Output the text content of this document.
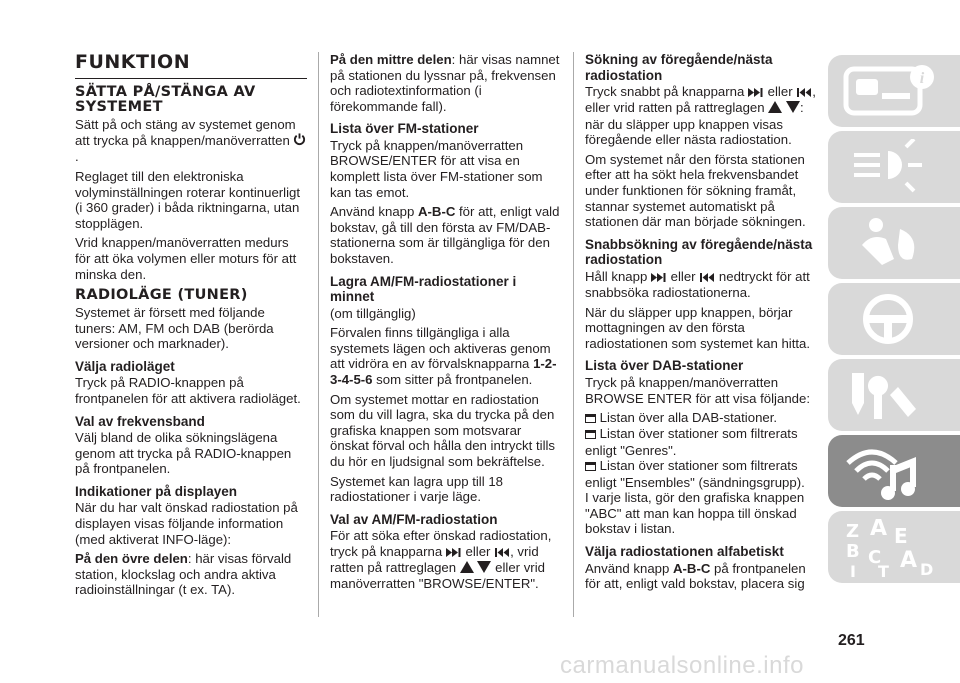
FUNKTION
SÄTTA PÅ/STÄNGA AV SYSTEMET

Sätt på och stäng av systemet genom att trycka på knappen/manöverratten .

Reglaget till den elektroniska volyminställningen roterar kontinuerligt (i 360 grader) i båda riktningarna, utan stopplägen.

Vrid knappen/manöverratten medurs för att öka volymen eller moturs för att minska den.

RADIOLÄGE (TUNER)

Systemet är försett med följande tuners: AM, FM och DAB (berörda versioner och marknader).

Välja radioläget

Tryck på RADIO-knappen på frontpanelen för att aktivera radioläget.

Val av frekvensband

Välj bland de olika sökningslägena genom att trycka på RADIO-knappen på frontpanelen.

Indikationer på displayen

När du har valt önskad radiostation på displayen visas följande information (med aktiverat INFO-läge):

På den övre delen: här visas förvald station, klockslag och andra aktiva radioinställningar (t ex. TA).

På den mittre delen: här visas namnet på stationen du lyssnar på, frekvensen och radiotextinformation (i förekommande fall).

Lista över FM-stationer

Tryck på knappen/manöverratten BROWSE/ENTER för att visa en komplett lista över FM-stationer som kan tas emot.

Använd knapp A-B-C för att, enligt vald bokstav, gå till den första av FM/DAB-stationerna som är tillgängliga för den bokstaven.

Lagra AM/FM-radiostationer i minnet

(om tillgänglig)

Förvalen finns tillgängliga i alla systemets lägen och aktiveras genom att vidröra en av förvalsknapparna 1-2-3-4-5-6 som sitter på frontpanelen.

Om systemet mottar en radiostation som du vill lagra, ska du trycka på den grafiska knappen som motsvarar önskat förval och hålla den intryckt tills du hör en ljudsignal som bekräftelse.

Systemet kan lagra upp till 18 radiostationer i varje läge.

Val av AM/FM-radiostation

För att söka efter önskad radiostation, tryck på knapparna eller , vrid ratten på rattreglagen	eller vrid manöverratten "BROWSE/ENTER".

Sökning av föregående/nästa radiostation

Tryck snabbt på knapparna eller , eller vrid ratten på rattreglagen	: när du släpper upp knappen visas föregående eller nästa radiostation.

Om systemet når den första stationen efter att ha sökt hela frekvensbandet under funktionen för sökning framåt, stannar systemet automatiskt på stationen där man började sökningen.

Snabbsökning av föregående/nästa radiostation

Håll knapp eller nedtryckt för att snabbsöka radiostationerna.

När du släpper upp knappen, börjar mottagningen av den första radiostationen som systemet kan hitta.

Lista över DAB-stationer

Tryck på knappen/manöverratten BROWSE ENTER för att visa följande:

Listan över alla DAB-stationer.

Listan över stationer som filtrerats enligt "Genres".

Listan över stationer som filtrerats enligt "Ensembles" (sändningsgrupp).

I varje lista, gör den grafiska knappen "ABC" att man kan hoppa till önskad bokstav i listan.

Välja radiostationen alfabetiskt

Använd knapp A-B-C på frontpanelen för att, enligt vald bokstav, placera sig

i
Z A
B
E
C A
I	D
T
261
carmanualsonline.info
